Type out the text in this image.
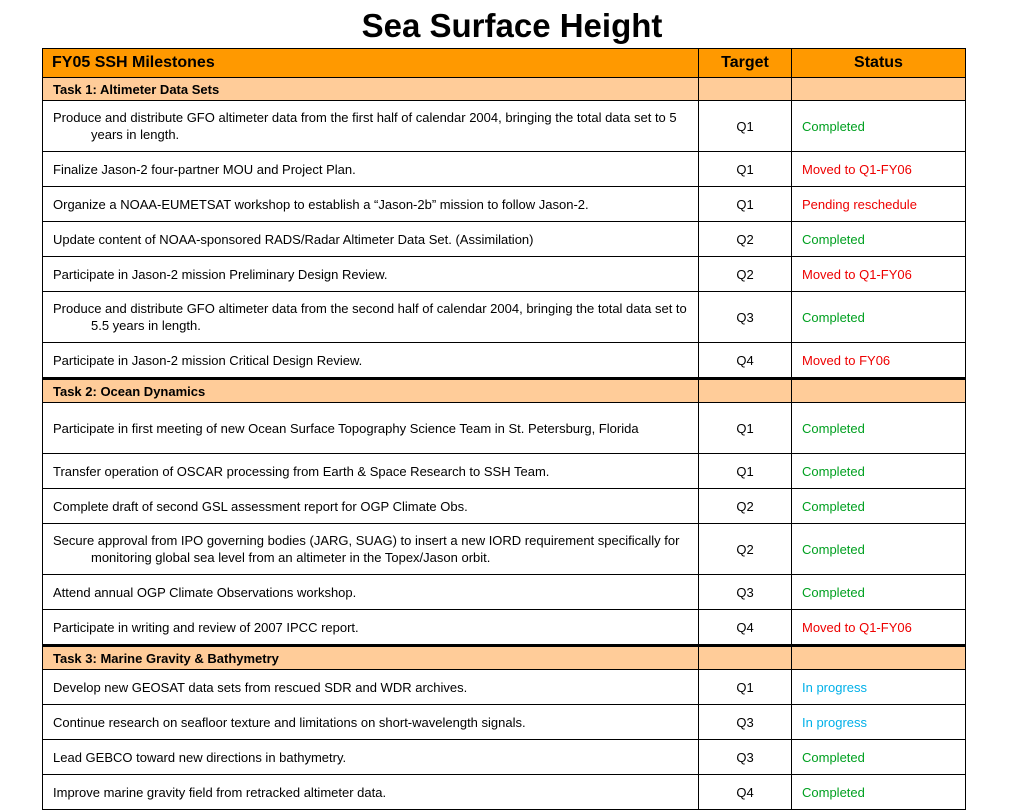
Sea Surface Height
FY05 SSH Milestones	Target	Status
Task 1: Altimeter Data Sets		

Produce and distribute GFO altimeter data from the first half of calendar 2004, bringing the total data set to 5 years in length.	Q1	Completed

Finalize Jason-2 four-partner MOU and Project Plan.	Q1	Moved to Q1-FY06

Organize a NOAA-EUMETSAT workshop to establish a “Jason-2b” mission to follow Jason-2.	Q1	Pending reschedule

Update content of NOAA-sponsored RADS/Radar Altimeter Data Set. (Assimilation)	Q2	Completed

Participate in Jason-2 mission Preliminary Design Review.	Q2	Moved to Q1-FY06

Produce and distribute GFO altimeter data from the second half of calendar 2004, bringing the total data set to 5.5 years in length.	Q3	Completed

Participate in Jason-2 mission Critical Design Review.	Q4	Moved to FY06
Task 2: Ocean Dynamics		

Participate in first meeting of new Ocean Surface Topography Science Team in St. Petersburg, Florida	Q1	Completed

Transfer operation of OSCAR processing from Earth & Space Research to SSH Team.	Q1	Completed

Complete draft of second GSL assessment report for OGP Climate Obs.	Q2	Completed

Secure approval from IPO governing bodies (JARG, SUAG) to insert a new IORD requirement specifically for monitoring global sea level from an altimeter in the Topex/Jason orbit.	Q2	Completed

Attend annual OGP Climate Observations workshop.	Q3	Completed

Participate in writing and review of 2007 IPCC report.	Q4	Moved to Q1-FY06
Task 3: Marine Gravity & Bathymetry		

Develop new GEOSAT data sets from rescued SDR and WDR archives.	Q1	In progress

Continue research on seafloor texture and limitations on short-wavelength signals.	Q3	In progress

Lead GEBCO toward new directions in bathymetry.	Q3	Completed

Improve marine gravity field from retracked altimeter data.	Q4	Completed
